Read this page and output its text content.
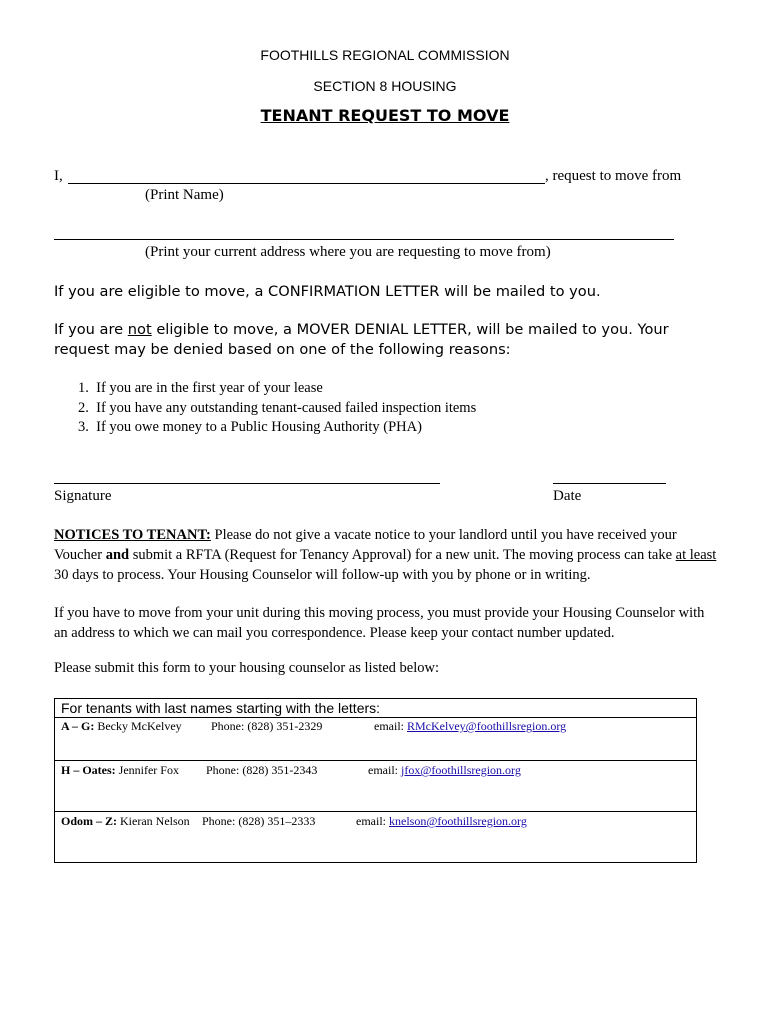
FOOTHILLS REGIONAL COMMISSION
SECTION 8 HOUSING
TENANT REQUEST TO MOVE
I,	, request to move from
(Print Name)
(Print your current address where you are requesting to move from)
If you are eligible to move, a CONFIRMATION LETTER will be mailed to you.
If you are not eligible to move, a MOVER DENIAL LETTER, will be mailed to you. Your
request may be denied based on one of the following reasons:
1. If you are in the first year of your lease
2. If you have any outstanding tenant-caused failed inspection items
3. If you owe money to a Public Housing Authority (PHA)
Signature	Date
NOTICES TO TENANT: Please do not give a vacate notice to your landlord until you have received your Voucher and submit a RFTA (Request for Tenancy Approval) for a new unit. The moving process can take at least 30 days to process. Your Housing Counselor will follow-up with you by phone or in writing.
If you have to move from your unit during this moving process, you must provide your Housing Counselor with an address to which we can mail you correspondence. Please keep your contact number updated.
Please submit this form to your housing counselor as listed below:
For tenants with last names starting with the letters:
A – G: Becky McKelvey Phone: (828) 351-2329	email: RMcKelvey@foothillsregion.org
H – Oates: Jennifer Fox Phone: (828) 351-2343	email: jfox@foothillsregion.org
Odom – Z: Kieran Nelson Phone: (828) 351–2333	email: knelson@foothillsregion.org
